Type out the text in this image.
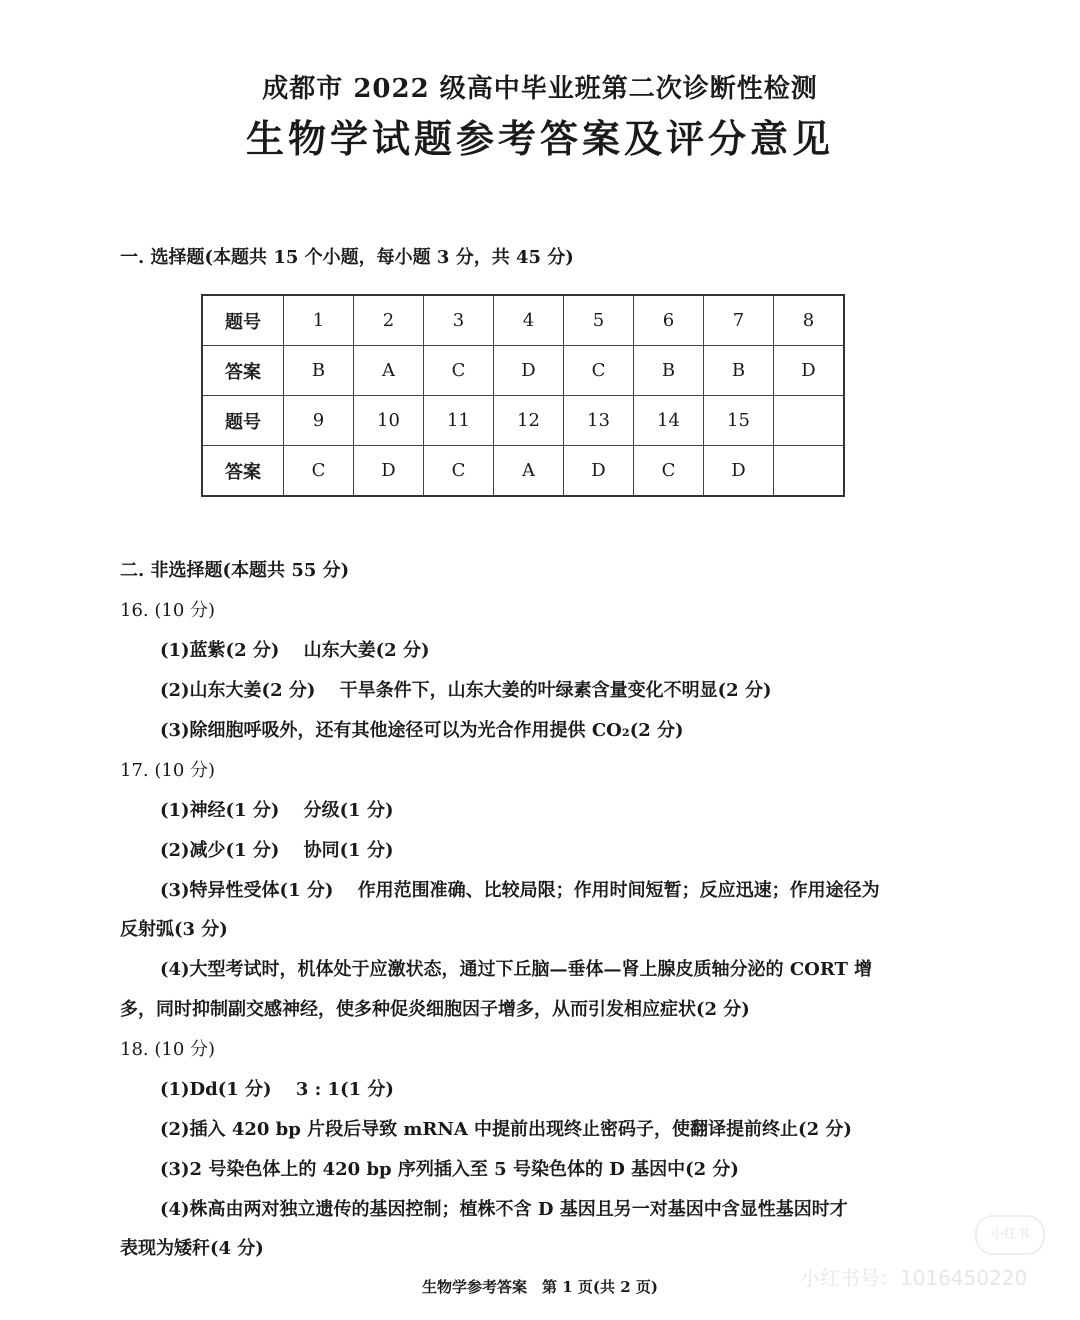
成都市 2022 级高中毕业班第二次诊断性检测
生物学试题参考答案及评分意见
一. 选择题(本题共 15 个小题，每小题 3 分，共 45 分)
题号	1	2	3	4	5	6	7	8
答案	B	A	C	D	C	B	B	D
题号	9	10	11	12	13	14	15	
答案	C	D	C	A	D	C	D	
二. 非选择题(本题共 55 分)
16. (10 分)
(1)蓝紫(2 分)　 山东大姜(2 分)
(2)山东大姜(2 分)　 干旱条件下，山东大姜的叶绿素含量变化不明显(2 分)
(3)除细胞呼吸外，还有其他途径可以为光合作用提供 CO₂(2 分)
17. (10 分)
(1)神经(1 分)　 分级(1 分)
(2)减少(1 分)　 协同(1 分)
(3)特异性受体(1 分)　 作用范围准确、比较局限；作用时间短暂；反应迅速；作用途径为
反射弧(3 分)
(4)大型考试时，机体处于应激状态，通过下丘脑—垂体—肾上腺皮质轴分泌的 CORT 增
多，同时抑制副交感神经，使多种促炎细胞因子增多，从而引发相应症状(2 分)
18. (10 分)
(1)Dd(1 分)　 3 : 1(1 分)
(2)插入 420 bp 片段后导致 mRNA 中提前出现终止密码子，使翻译提前终止(2 分)
(3)2 号染色体上的 420 bp 序列插入至 5 号染色体的 D 基因中(2 分)
(4)株高由两对独立遗传的基因控制；植株不含 D 基因且另一对基因中含显性基因时才
表现为矮秆(4 分)
小红书
小红书号：1016450220
生物学参考答案　第 1 页(共 2 页)
